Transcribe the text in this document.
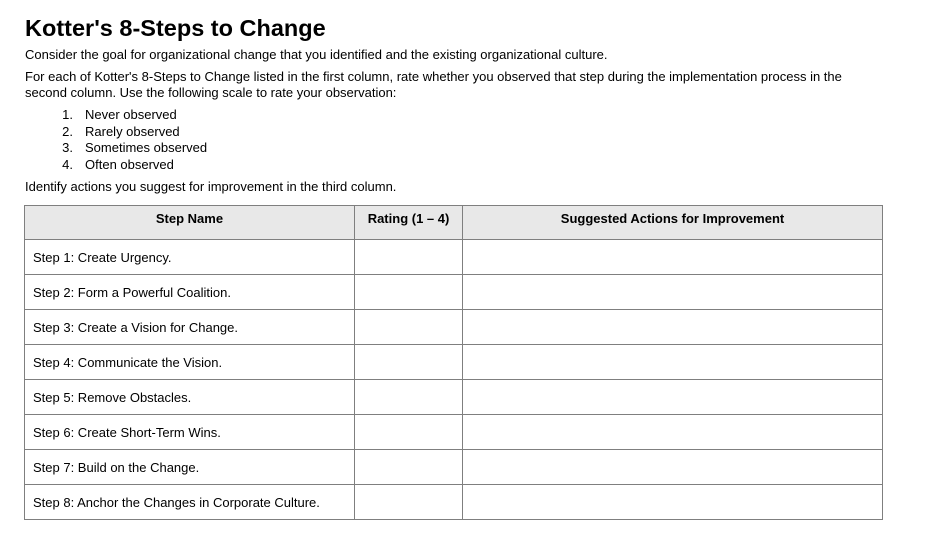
Kotter's 8-Steps to Change

Consider the goal for organizational change that you identified and the existing organizational culture.

For each of Kotter's 8-Steps to Change listed in the first column, rate whether you observed that step during the implementation process in the second column. Use the following scale to rate your observation:

1. Never observed
2. Rarely observed
3. Sometimes observed
4. Often observed

Identify actions you suggest for improvement in the third column.

Step Name	Rating (1 – 4)	Suggested Actions for Improvement
Step 1: Create Urgency.		
Step 2: Form a Powerful Coalition.		
Step 3: Create a Vision for Change.		
Step 4: Communicate the Vision.		
Step 5: Remove Obstacles.		
Step 6: Create Short-Term Wins.		
Step 7: Build on the Change.		
Step 8: Anchor the Changes in Corporate Culture.		
